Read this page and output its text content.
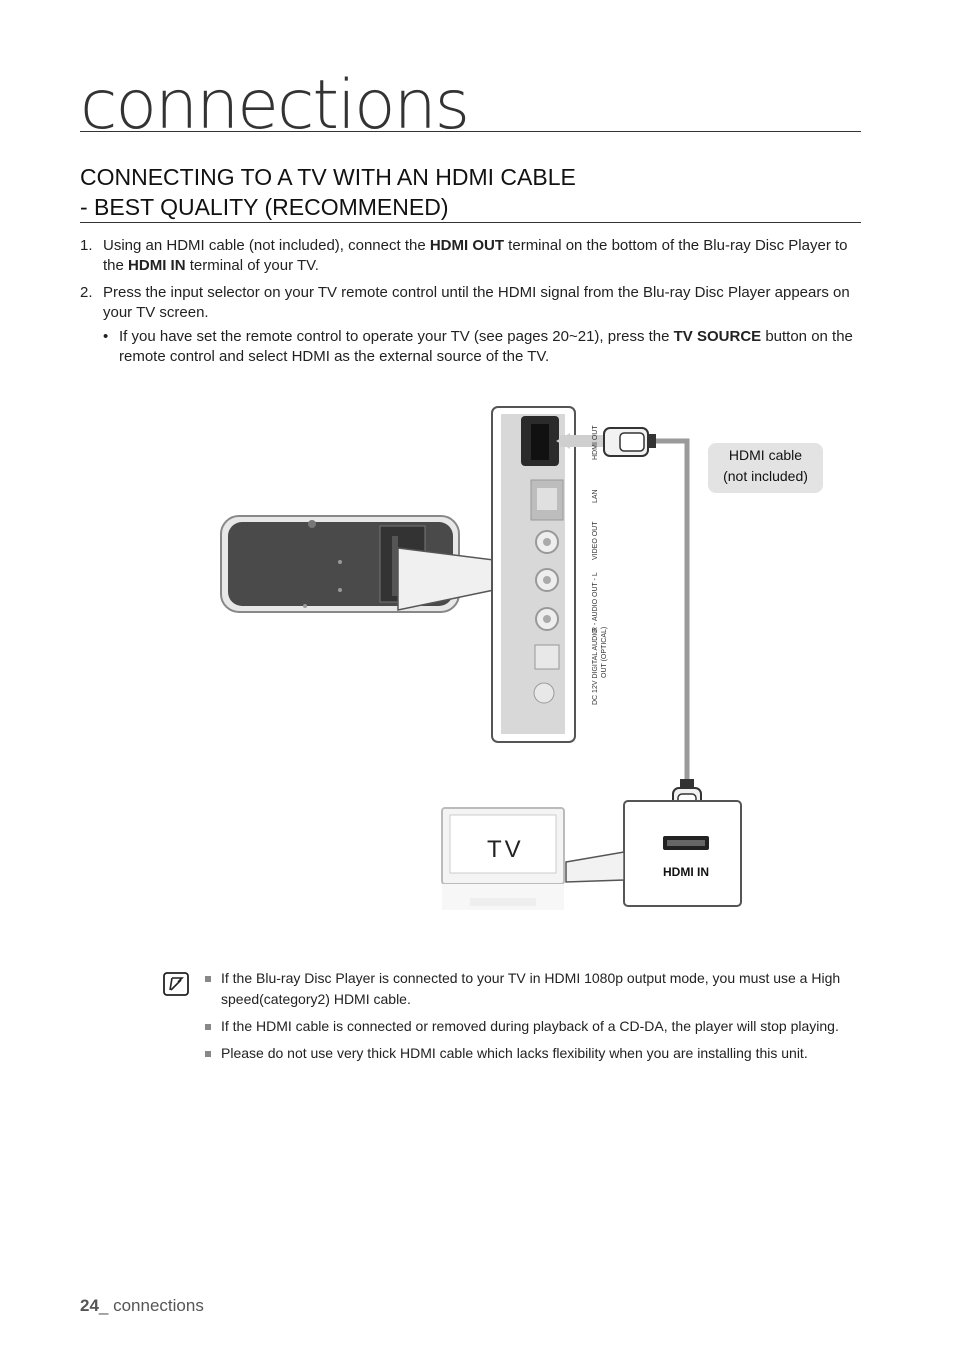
connections
CONNECTING TO A TV WITH AN HDMI CABLE
- BEST QUALITY (RECOMMENED)
1. Using an HDMI cable (not included), connect the HDMI OUT terminal on the bottom of the Blu-ray Disc Player to the HDMI IN terminal of your TV.
2. Press the input selector on your TV remote control until the HDMI signal from the Blu-ray Disc Player appears on your TV screen.
• If you have set the remote control to operate your TV (see pages 20~21), press the TV SOURCE button on the remote control and select HDMI as the external source of the TV.
HDMI OUT
LAN
VIDEO OUT
R - AUDIO OUT - L
DC 12V DIGITAL AUDIO OUT (OPTICAL)
HDMI cable
(not included)
HDMI IN
TV
If the Blu-ray Disc Player is connected to your TV in HDMI 1080p output mode, you must use a High speed(category2) HDMI cable.
If the HDMI cable is connected or removed during playback of a CD-DA, the player will stop playing.
Please do not use very thick HDMI cable which lacks flexibility when you are installing this unit.
24_ connections
